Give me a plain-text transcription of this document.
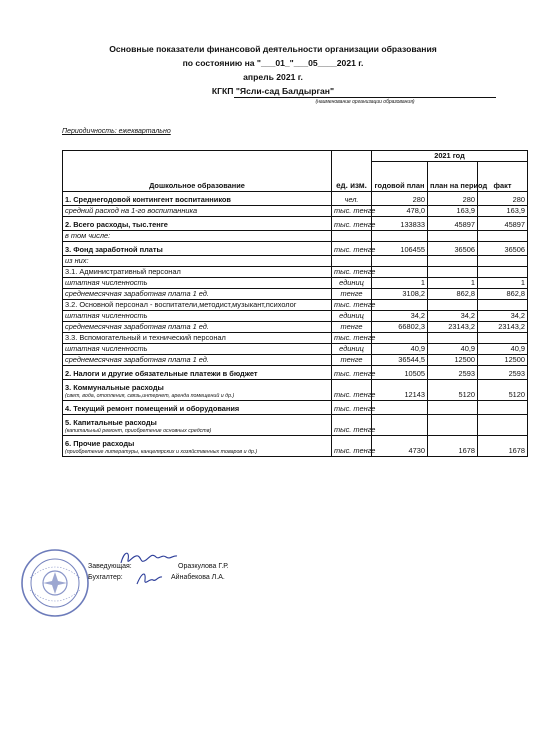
Основные показатели финансовой деятельности организации образования
по состоянию на "___01_"___05____2021 г.
апрель 2021 г.
КГКП "Ясли-сад Балдырган"
(наименование организации образования)
Периодичность: ежеквартально
Дошкольное образование	ед. изм.	2021 год		
		годовой план	план на период	факт
1. Среднегодовой контингент воспитанников	чел.	280	280	280
средний расход на 1-го воспитанника	тыс. тенге	478,0	163,9	163,9
2. Всего расходы, тыс.тенге	тыс. тенге	133833	45897	45897
в том числе:				
3. Фонд заработной платы	тыс. тенге	106455	36506	36506
из них:				
3.1. Административный персонал	тыс. тенге			
штатная численность	единиц	1	1	1
среднемесячная заработная плата 1 ед.	тенге	3108,2	862,8	862,8
3.2. Основной персонал - воспитатели,методист,музыкант,психолог	тыс. тенге			
штатная численность	единиц	34,2	34,2	34,2
среднемесячная заработная плата 1 ед.	тенге	66802,3	23143,2	23143,2
3.3. Вспомогательный и технический персонал	тыс. тенге			
штатная численность	единиц	40,9	40,9	40,9
среднемесячная заработная плата 1 ед.	тенге	36544,5	12500	12500
2. Налоги и другие обязательные платежи в бюджет	тыс. тенге	10505	2593	2593
3. Коммунальные расходы
(свет, вода, отопления, связь,интернет, аренда помещений и др.)	тыс. тенге	12143	5120	5120
4. Текущий ремонт помещений и оборудования	тыс. тенге			
5. Капитальные расходы
(капитальный ремонт, приобретение основных средств)	тыс. тенге			
6. Прочие расходы
(приобретение литературы, канцелярских и хозяйственных товаров и др.)	тыс. тенге	4730	1678	1678
Заведующая:	Оразкулова Г.Р.
Бухгалтер:	Айнабекова Л.А.
